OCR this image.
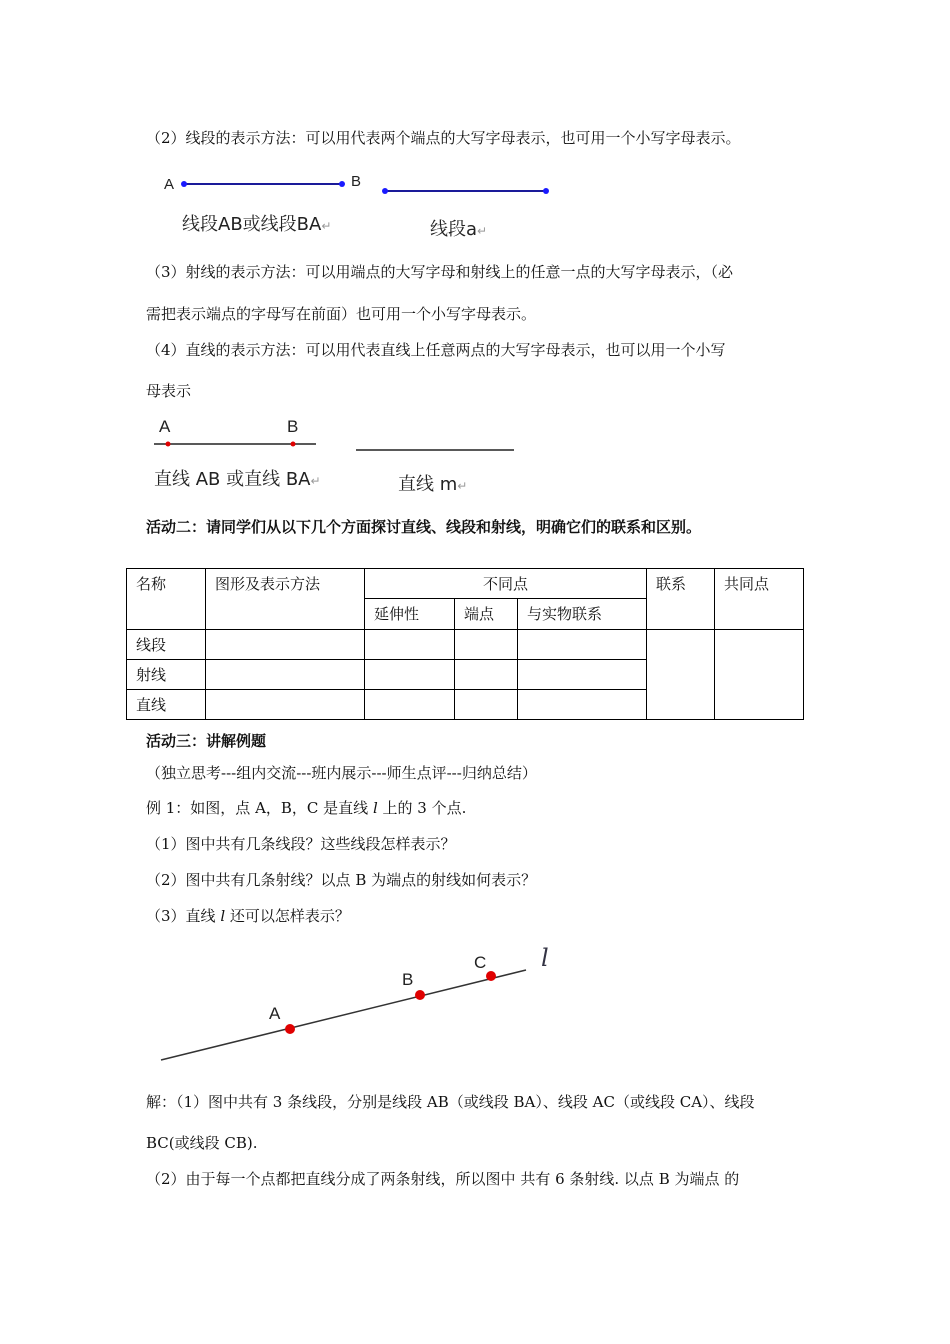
（2）线段的表示方法：可以用代表两个端点的大写字母表示，也可用一个小写字母表示。
A	B
线段AB或线段BA↵	线段a↵
（3）射线的表示方法：可以用端点的大写字母和射线上的任意一点的大写字母表示，（必
需把表示端点的字母写在前面）也可用一个小写字母表示。
（4）直线的表示方法：可以用代表直线上任意两点的大写字母表示，也可以用一个小写
母表示
A	B
直线 AB 或直线 BA↵	直线 m↵
活动二：请同学们从以下几个方面探讨直线、线段和射线，明确它们的联系和区别。
名称	图形及表示方法	不同点			联系	共同点
		延伸性	端点	与实物联系		
线段						
射线						
直线						
活动三：讲解例题
（独立思考---组内交流---班内展示---师生点评---归纳总结）
例 1：如图，点 A，B，C 是直线 l 上的 3 个点.
（1）图中共有几条线段？这些线段怎样表示？
（2）图中共有几条射线？以点 B 为端点的射线如何表示？
（3）直线 l 还可以怎样表示？
A
B
C l
解：（1）图中共有 3 条线段，分别是线段 AB（或线段 BA）、线段 AC（或线段 CA）、线段
BC(或线段 CB).
（2）由于每一个点都把直线分成了两条射线，所以图中 共有 6 条射线. 以点 B 为端点 的
